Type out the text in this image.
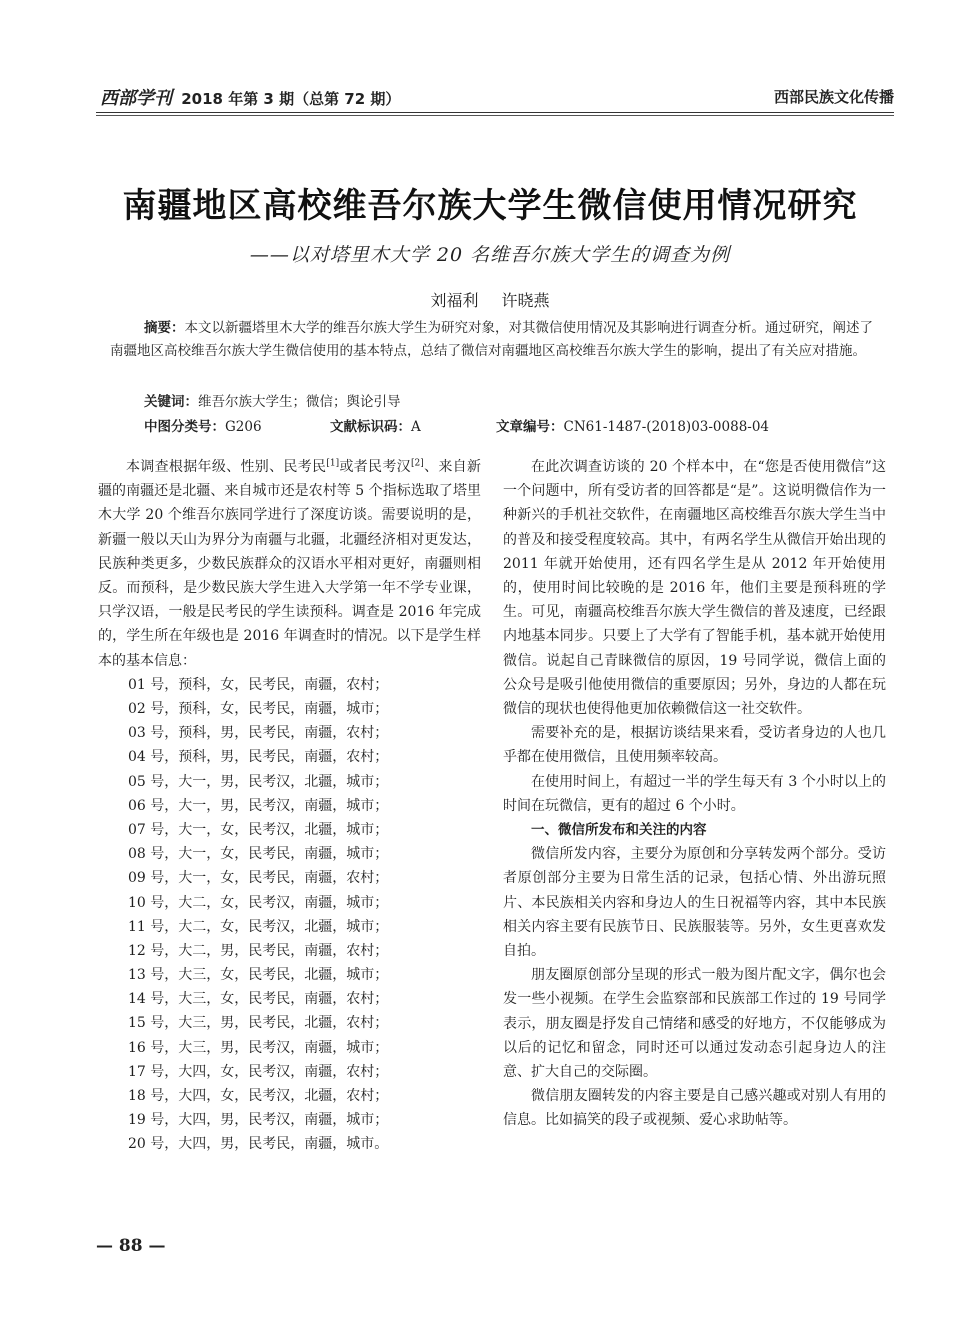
西部学刊 2018 年第 3 期（总第 72 期）	西部民族文化传播
南疆地区高校维吾尔族大学生微信使用情况研究
——以对塔里木大学 20 名维吾尔族大学生的调查为例
刘福利 许晓燕
摘要：本文以新疆塔里木大学的维吾尔族大学生为研究对象，对其微信使用情况及其影响进行调查分析。通过研究，阐述了南疆地区高校维吾尔族大学生微信使用的基本特点，总结了微信对南疆地区高校维吾尔族大学生的影响，提出了有关应对措施。
关键词：维吾尔族大学生；微信；舆论引导
中图分类号：G206	文献标识码：A	文章编号：CN61-1487-(2018)03-0088-04

本调查根据年级、性别、民考民[1]或者民考汉[2]、来自新疆的南疆还是北疆、来自城市还是农村等 5 个指标选取了塔里木大学 20 个维吾尔族同学进行了深度访谈。需要说明的是，新疆一般以天山为界分为南疆与北疆，北疆经济相对更发达，民族种类更多，少数民族群众的汉语水平相对更好，南疆则相反。而预科，是少数民族大学生进入大学第一年不学专业课，只学汉语，一般是民考民的学生读预科。调查是 2016 年完成的，学生所在年级也是 2016 年调查时的情况。以下是学生样本的基本信息：

01 号，预科，女，民考民，南疆，农村；
02 号，预科，女，民考民，南疆，城市；
03 号，预科，男，民考民，南疆，农村；
04 号，预科，男，民考民，南疆，农村；
05 号，大一，男，民考汉，北疆，城市；
06 号，大一，男，民考汉，南疆，城市；
07 号，大一，女，民考汉，北疆，城市；
08 号，大一，女，民考民，南疆，城市；
09 号，大一，女，民考民，南疆，农村；
10 号，大二，女，民考汉，南疆，城市；
11 号，大二，女，民考汉，北疆，城市；
12 号，大二，男，民考民，南疆，农村；
13 号，大三，女，民考民，北疆，城市；
14 号，大三，女，民考民，南疆，农村；
15 号，大三，男，民考民，北疆，农村；
16 号，大三，男，民考汉，南疆，城市；
17 号，大四，女，民考汉，南疆，农村；
18 号，大四，女，民考汉，北疆，农村；
19 号，大四，男，民考汉，南疆，城市；
20 号，大四，男，民考民，南疆，城市。

在此次调查访谈的 20 个样本中，在“您是否使用微信”这一个问题中，所有受访者的回答都是“是”。这说明微信作为一种新兴的手机社交软件，在南疆地区高校维吾尔族大学生当中的普及和接受程度较高。其中，有两名学生从微信开始出现的 2011 年就开始使用，还有四名学生是从 2012 年开始使用的，使用时间比较晚的是 2016 年，他们主要是预科班的学生。可见，南疆高校维吾尔族大学生微信的普及速度，已经跟内地基本同步。只要上了大学有了智能手机，基本就开始使用微信。说起自己青睐微信的原因，19 号同学说，微信上面的公众号是吸引他使用微信的重要原因；另外，身边的人都在玩微信的现状也使得他更加依赖微信这一社交软件。

需要补充的是，根据访谈结果来看，受访者身边的人也几乎都在使用微信，且使用频率较高。

在使用时间上，有超过一半的学生每天有 3 个小时以上的时间在玩微信，更有的超过 6 个小时。

一、微信所发布和关注的内容

微信所发内容，主要分为原创和分享转发两个部分。受访者原创部分主要为日常生活的记录，包括心情、外出游玩照片、本民族相关内容和身边人的生日祝福等内容，其中本民族相关内容主要有民族节日、民族服装等。另外，女生更喜欢发自拍。

朋友圈原创部分呈现的形式一般为图片配文字，偶尔也会发一些小视频。在学生会监察部和民族部工作过的 19 号同学表示，朋友圈是抒发自己情绪和感受的好地方，不仅能够成为以后的记忆和留念，同时还可以通过发动态引起身边人的注意、扩大自己的交际圈。

微信朋友圈转发的内容主要是自己感兴趣或对别人有用的信息。比如搞笑的段子或视频、爱心求助帖等。

— 88 —
